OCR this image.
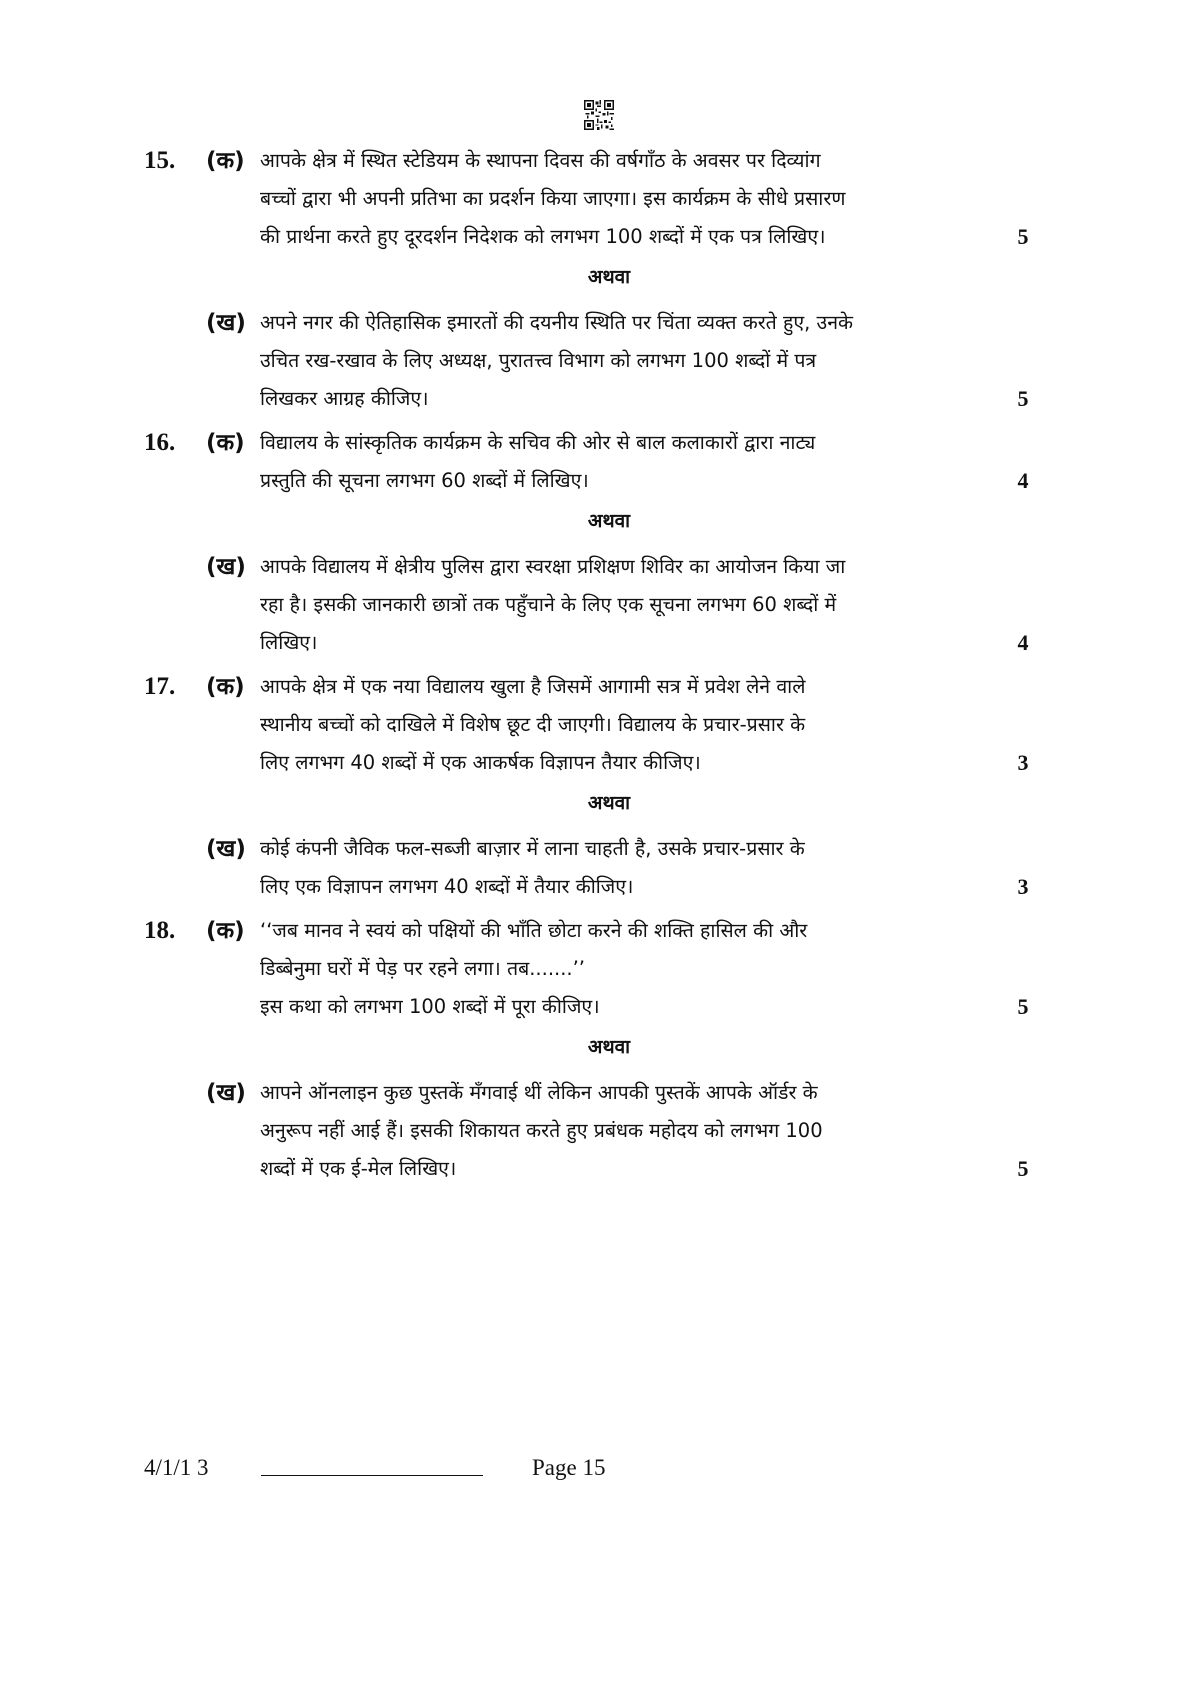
15.	(क) आपके क्षेत्र में स्थित स्टेडियम के स्थापना दिवस की वर्षगाँठ के अवसर पर दिव्यांग
बच्चों द्वारा भी अपनी प्रतिभा का प्रदर्शन किया जाएगा। इस कार्यक्रम के सीधे प्रसारण
की प्रार्थना करते हुए दूरदर्शन निदेशक को लगभग 100 शब्दों में एक पत्र लिखिए।	5
अथवा
(ख) अपने नगर की ऐतिहासिक इमारतों की दयनीय स्थिति पर चिंता व्यक्त करते हुए, उनके
उचित रख-रखाव के लिए अध्यक्ष, पुरातत्त्व विभाग को लगभग 100 शब्दों में पत्र
लिखकर आग्रह कीजिए।	5
16.	(क) विद्यालय के सांस्कृतिक कार्यक्रम के सचिव की ओर से बाल कलाकारों द्वारा नाट्य
प्रस्तुति की सूचना लगभग 60 शब्दों में लिखिए।	4
अथवा
(ख) आपके विद्यालय में क्षेत्रीय पुलिस द्वारा स्वरक्षा प्रशिक्षण शिविर का आयोजन किया जा
रहा है। इसकी जानकारी छात्रों तक पहुँचाने के लिए एक सूचना लगभग 60 शब्दों में
लिखिए।	4
17.	(क) आपके क्षेत्र में एक नया विद्यालय खुला है जिसमें आगामी सत्र में प्रवेश लेने वाले
स्थानीय बच्चों को दाखिले में विशेष छूट दी जाएगी। विद्यालय के प्रचार-प्रसार के
लिए लगभग 40 शब्दों में एक आकर्षक विज्ञापन तैयार कीजिए।	3
अथवा
(ख) कोई कंपनी जैविक फल-सब्जी बाज़ार में लाना चाहती है, उसके प्रचार-प्रसार के
लिए एक विज्ञापन लगभग 40 शब्दों में तैयार कीजिए।	3
18.	(क) ‘‘जब मानव ने स्वयं को पक्षियों की भाँति छोटा करने की शक्ति हासिल की और
डिब्बेनुमा घरों में पेड़ पर रहने लगा। तब.......’’
इस कथा को लगभग 100 शब्दों में पूरा कीजिए।	5
अथवा
(ख) आपने ऑनलाइन कुछ पुस्तकें मँगवाई थीं लेकिन आपकी पुस्तकें आपके ऑर्डर के
अनुरूप नहीं आई हैं। इसकी शिकायत करते हुए प्रबंधक महोदय को लगभग 100
शब्दों में एक ई-मेल लिखिए।	5
4/1/1 3	Page 15
